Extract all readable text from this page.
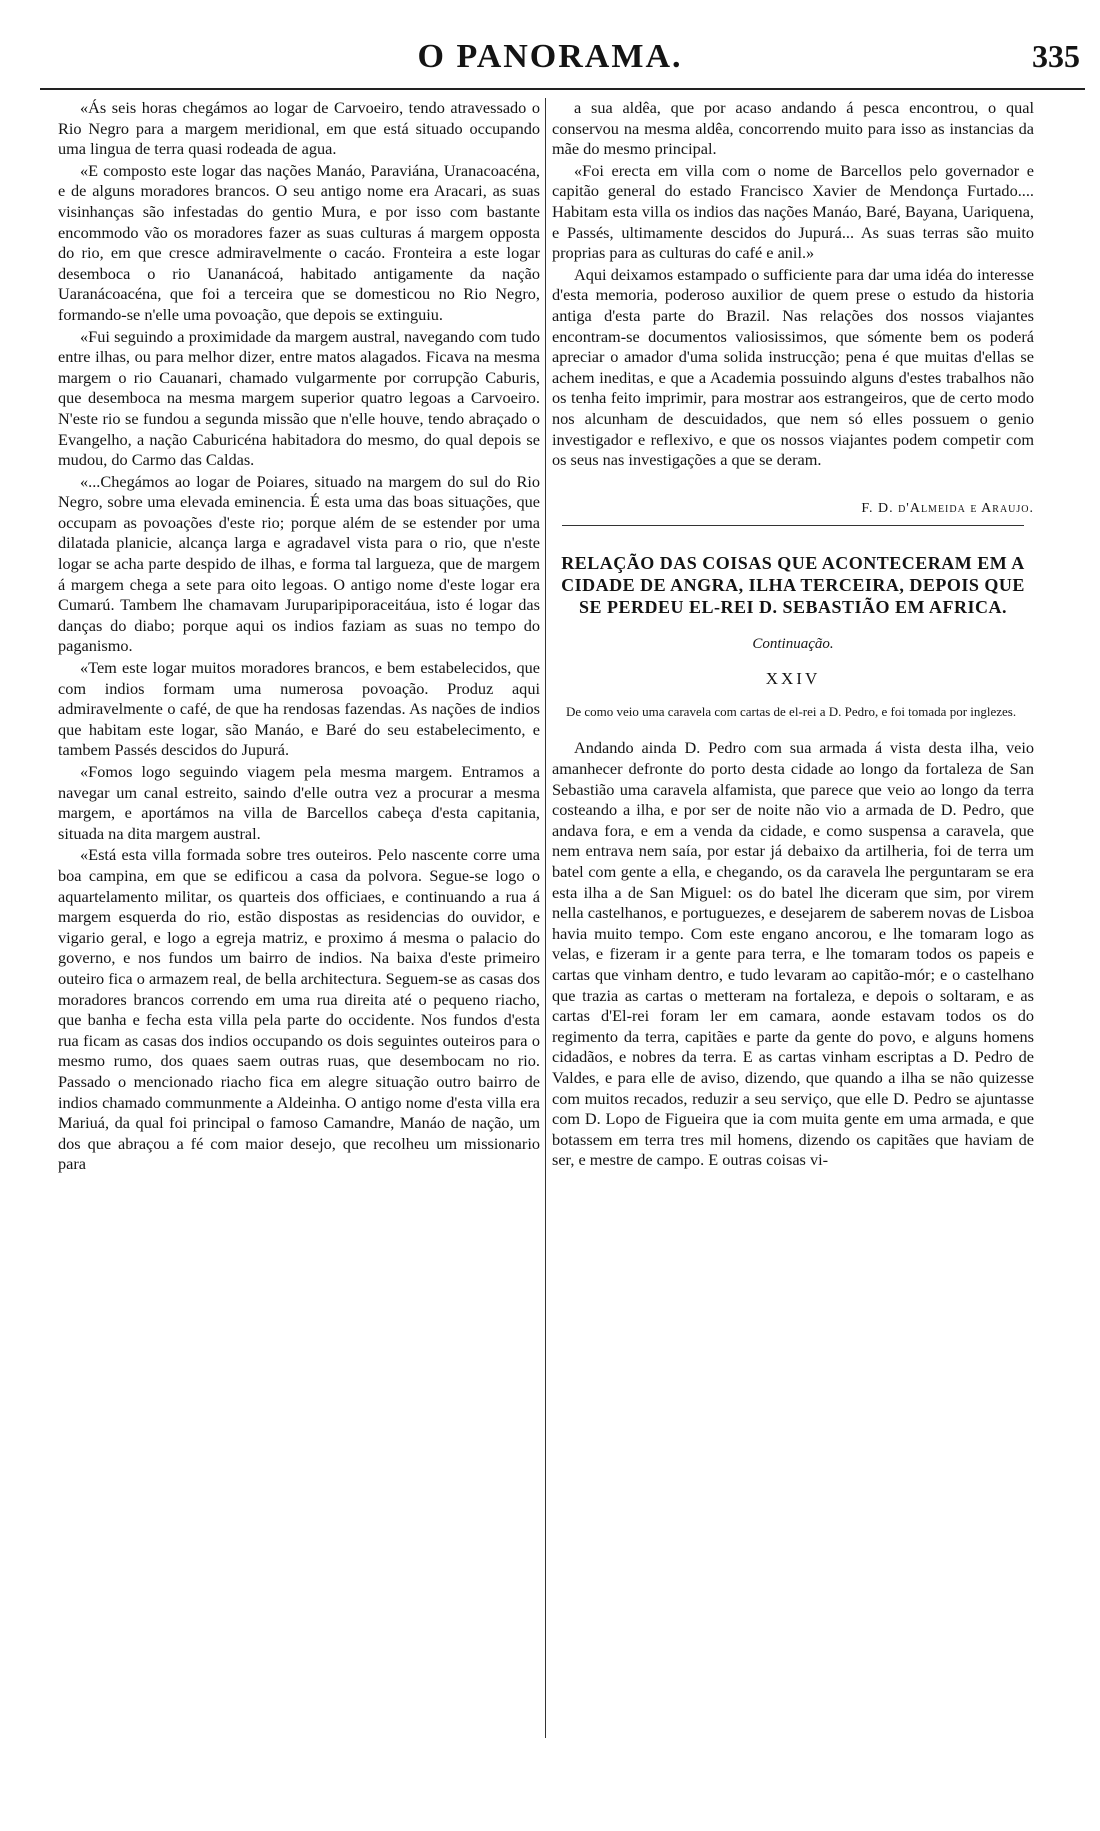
O PANORAMA.	335

«Ás seis horas chegámos ao logar de Carvoeiro, tendo atravessado o Rio Negro para a margem meridional, em que está situado occupando uma lingua de terra quasi rodeada de agua.

«E composto este logar das nações Manáo, Paraviána, Uranacoacéna, e de alguns moradores brancos. O seu antigo nome era Aracari, as suas visinhanças são infestadas do gentio Mura, e por isso com bastante encommodo vão os moradores fazer as suas culturas á margem opposta do rio, em que cresce admiravelmente o cacáo. Fronteira a este logar desemboca o rio Uananácoá, habitado antigamente da nação Uaranácoacéna, que foi a terceira que se domesticou no Rio Negro, formando-se n'elle uma povoação, que depois se extinguiu.

«Fui seguindo a proximidade da margem austral, navegando com tudo entre ilhas, ou para melhor dizer, entre matos alagados. Ficava na mesma margem o rio Cauanari, chamado vulgarmente por corrupção Caburis, que desemboca na mesma margem superior quatro legoas a Carvoeiro. N'este rio se fundou a segunda missão que n'elle houve, tendo abraçado o Evangelho, a nação Caburicéna habitadora do mesmo, do qual depois se mudou, do Carmo das Caldas.

«...Chegámos ao logar de Poiares, situado na margem do sul do Rio Negro, sobre uma elevada eminencia. É esta uma das boas situações, que occupam as povoações d'este rio; porque além de se estender por uma dilatada planicie, alcança larga e agradavel vista para o rio, que n'este logar se acha parte despido de ilhas, e forma tal largueza, que de margem á margem chega a sete para oito legoas. O antigo nome d'este logar era Cumarú. Tambem lhe chamavam Juruparipiporaceitáua, isto é logar das danças do diabo; porque aqui os indios faziam as suas no tempo do paganismo.

«Tem este logar muitos moradores brancos, e bem estabelecidos, que com indios formam uma numerosa povoação. Produz aqui admiravelmente o café, de que ha rendosas fazendas. As nações de indios que habitam este logar, são Manáo, e Baré do seu estabelecimento, e tambem Passés descidos do Jupurá.

«Fomos logo seguindo viagem pela mesma margem. Entramos a navegar um canal estreito, saindo d'elle outra vez a procurar a mesma margem, e aportámos na villa de Barcellos cabeça d'esta capitania, situada na dita margem austral.

«Está esta villa formada sobre tres outeiros. Pelo nascente corre uma boa campina, em que se edificou a casa da polvora. Segue-se logo o aquartelamento militar, os quarteis dos officiaes, e continuando a rua á margem esquerda do rio, estão dispostas as residencias do ouvidor, e vigario geral, e logo a egreja matriz, e proximo á mesma o palacio do governo, e nos fundos um bairro de indios. Na baixa d'este primeiro outeiro fica o armazem real, de bella architectura. Seguem-se as casas dos moradores brancos correndo em uma rua direita até o pequeno riacho, que banha e fecha esta villa pela parte do occidente. Nos fundos d'esta rua ficam as casas dos indios occupando os dois seguintes outeiros para o mesmo rumo, dos quaes saem outras ruas, que desembocam no rio. Passado o mencionado riacho fica em alegre situação outro bairro de indios chamado communmente a Aldeinha. O antigo nome d'esta villa era Mariuá, da qual foi principal o famoso Camandre, Manáo de nação, um dos que abraçou a fé com maior desejo, que recolheu um missionario para

a sua aldêa, que por acaso andando á pesca encontrou, o qual conservou na mesma aldêa, concorrendo muito para isso as instancias da mãe do mesmo principal.

«Foi erecta em villa com o nome de Barcellos pelo governador e capitão general do estado Francisco Xavier de Mendonça Furtado.... Habitam esta villa os indios das nações Manáo, Baré, Bayana, Uariquena, e Passés, ultimamente descidos do Jupurá... As suas terras são muito proprias para as culturas do café e anil.»

Aqui deixamos estampado o sufficiente para dar uma idéa do interesse d'esta memoria, poderoso auxilior de quem prese o estudo da historia antiga d'esta parte do Brazil. Nas relações dos nossos viajantes encontram-se documentos valiosissimos, que sómente bem os poderá apreciar o amador d'uma solida instrucção; pena é que muitas d'ellas se achem ineditas, e que a Academia possuindo alguns d'estes trabalhos não os tenha feito imprimir, para mostrar aos estrangeiros, que de certo modo nos alcunham de descuidados, que nem só elles possuem o genio investigador e reflexivo, e que os nossos viajantes podem competir com os seus nas investigações a que se deram.

F. D. d'Almeida e Araujo.
RELAÇÃO DAS COISAS QUE ACONTECERAM EM A CIDADE DE ANGRA, ILHA TERCEIRA, DEPOIS QUE SE PERDEU EL-REI D. SEBASTIÃO EM AFRICA.
Continuação.
XXIV
De como veio uma caravela com cartas de el-rei a D. Pedro, e foi tomada por inglezes.

Andando ainda D. Pedro com sua armada á vista desta ilha, veio amanhecer defronte do porto desta cidade ao longo da fortaleza de San Sebastião uma caravela alfamista, que parece que veio ao longo da terra costeando a ilha, e por ser de noite não vio a armada de D. Pedro, que andava fora, e em a venda da cidade, e como suspensa a caravela, que nem entrava nem saía, por estar já debaixo da artilheria, foi de terra um batel com gente a ella, e chegando, os da caravela lhe perguntaram se era esta ilha a de San Miguel: os do batel lhe diceram que sim, por virem nella castelhanos, e portuguezes, e desejarem de saberem novas de Lisboa havia muito tempo. Com este engano ancorou, e lhe tomaram logo as velas, e fizeram ir a gente para terra, e lhe tomaram todos os papeis e cartas que vinham dentro, e tudo levaram ao capitão-mór; e o castelhano que trazia as cartas o metteram na fortaleza, e depois o soltaram, e as cartas d'El-rei foram ler em camara, aonde estavam todos os do regimento da terra, capitães e parte da gente do povo, e alguns homens cidadãos, e nobres da terra. E as cartas vinham escriptas a D. Pedro de Valdes, e para elle de aviso, dizendo, que quando a ilha se não quizesse com muitos recados, reduzir a seu serviço, que elle D. Pedro se ajuntasse com D. Lopo de Figueira que ia com muita gente em uma armada, e que botassem em terra tres mil homens, dizendo os capitães que haviam de ser, e mestre de campo. E outras coisas vi-
